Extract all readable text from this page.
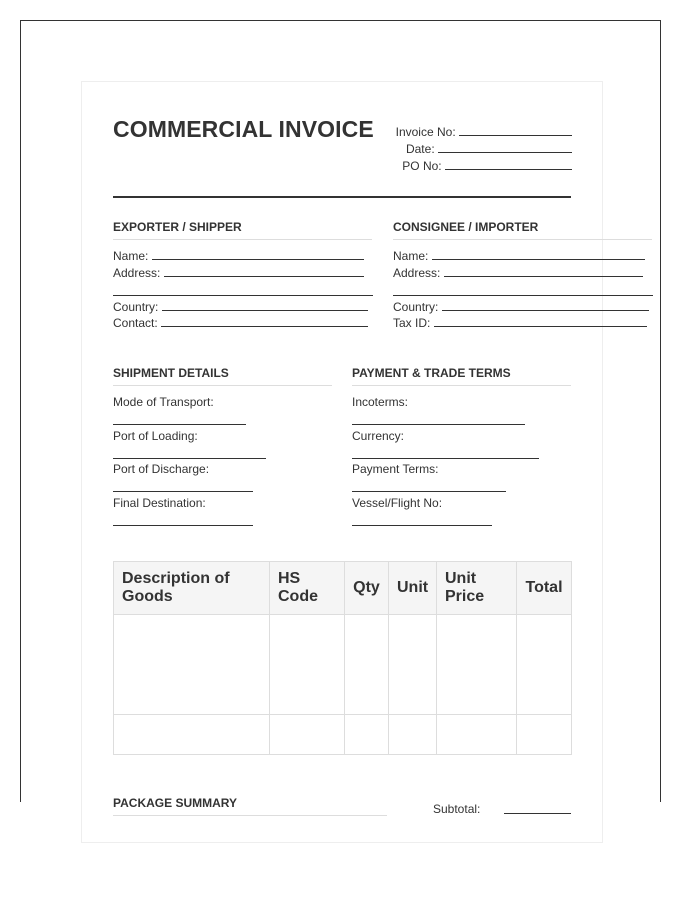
COMMERCIAL INVOICE	Invoice No:
Date:
PO No:
EXPORTER / SHIPPER
Name:
Address:
Country:
Contact:
CONSIGNEE / IMPORTER
Name:
Address:
Country:
Tax ID:
SHIPMENT DETAILS
Mode of Transport:
Port of Loading:
Port of Discharge:
Final Destination:
PAYMENT & TRADE TERMS
Incoterms:
Currency:
Payment Terms:
Vessel/Flight No:
Description of Goods	HS Code	Qty	Unit	Unit Price	Total

PACKAGE SUMMARY	Subtotal:
